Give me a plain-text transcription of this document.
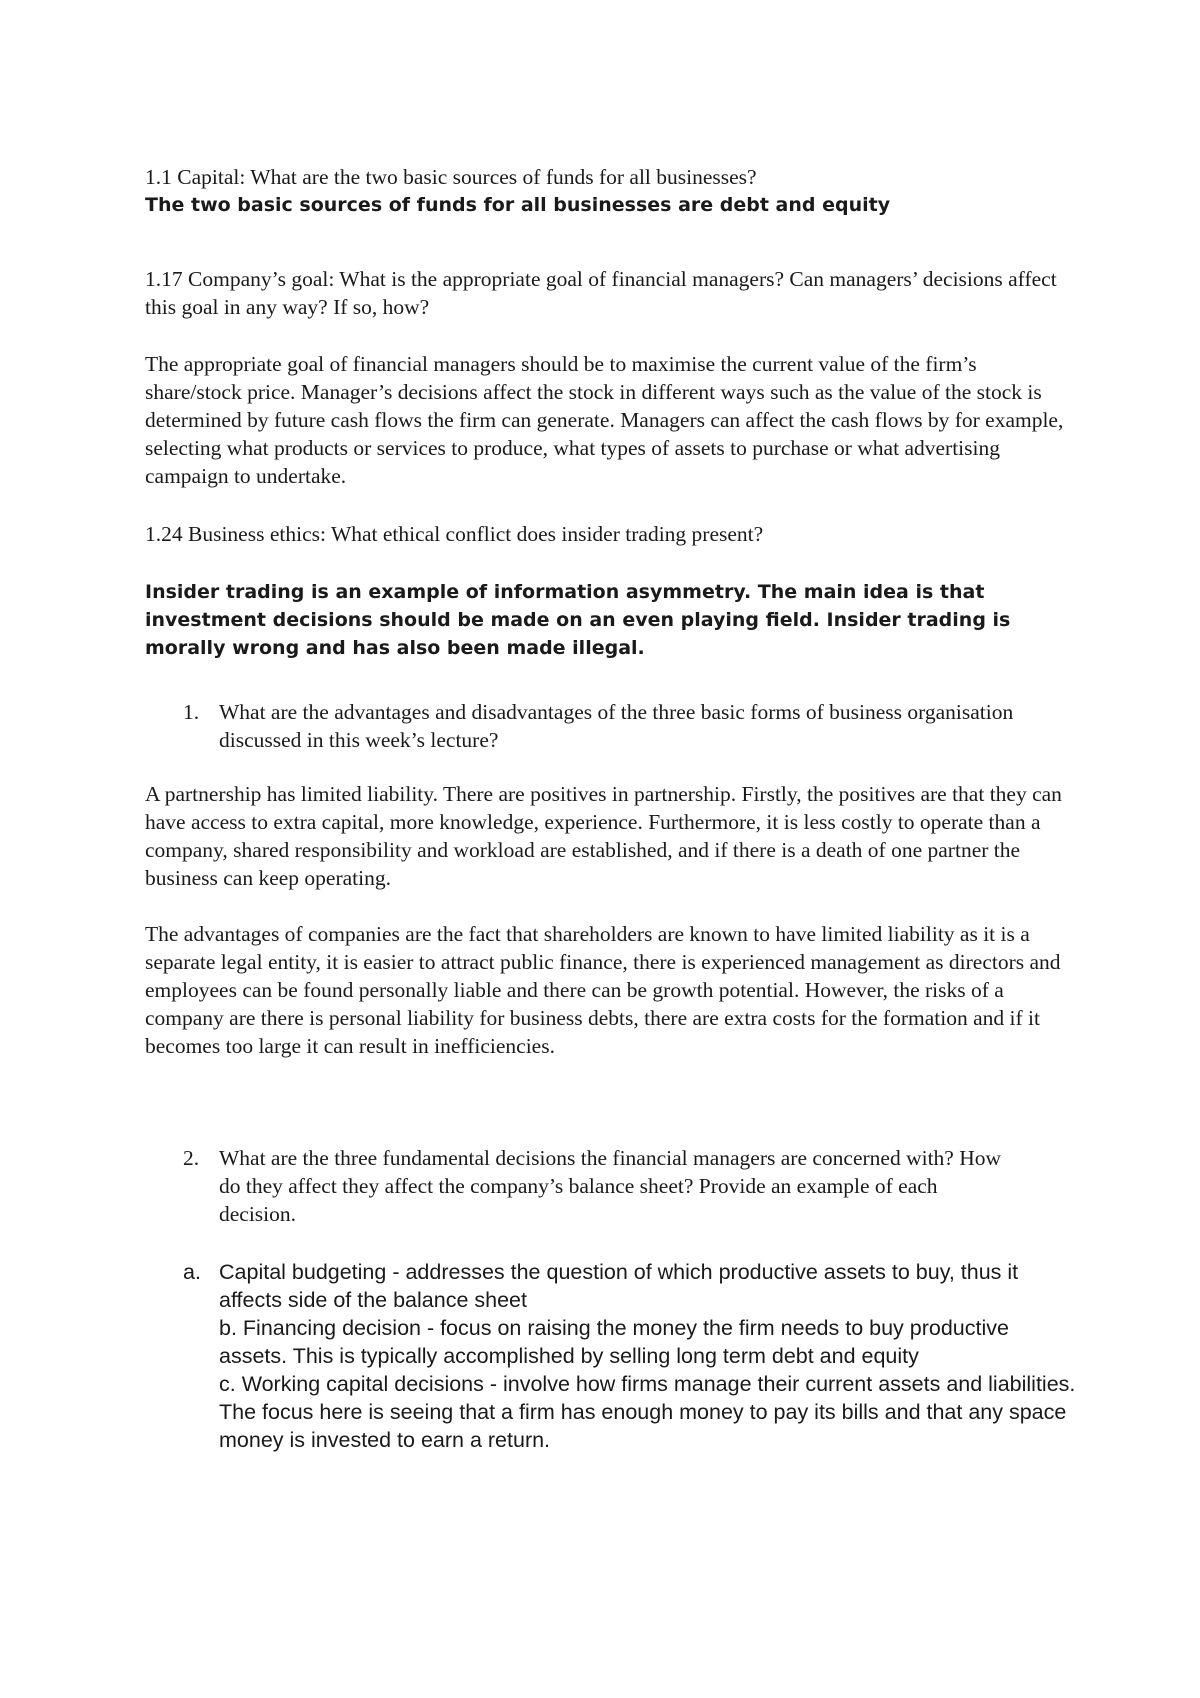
1.1 Capital: What are the two basic sources of funds for all businesses?

The two basic sources of funds for all businesses are debt and equity

1.17 Company’s goal: What is the appropriate goal of financial managers? Can managers’ decisions affect this goal in any way? If so, how?

The appropriate goal of financial managers should be to maximise the current value of the firm’s share/stock price. Manager’s decisions affect the stock in different ways such as the value of the stock is determined by future cash flows the firm can generate. Managers can affect the cash flows by for example, selecting what products or services to produce, what types of assets to purchase or what advertising campaign to undertake.

1.24 Business ethics: What ethical conflict does insider trading present?

Insider trading is an example of information asymmetry. The main idea is that investment decisions should be made on an even playing field. Insider trading is morally wrong and has also been made illegal.

1. What are the advantages and disadvantages of the three basic forms of business organisation discussed in this week’s lecture?

A partnership has limited liability. There are positives in partnership. Firstly, the positives are that they can have access to extra capital, more knowledge, experience. Furthermore, it is less costly to operate than a company, shared responsibility and workload are established, and if there is a death of one partner the business can keep operating.

The advantages of companies are the fact that shareholders are known to have limited liability as it is a separate legal entity, it is easier to attract public finance, there is experienced management as directors and employees can be found personally liable and there can be growth potential. However, the risks of a company are there is personal liability for business debts, there are extra costs for the formation and if it becomes too large it can result in inefficiencies.

2. What are the three fundamental decisions the financial managers are concerned with? How do they affect they affect the company’s balance sheet? Provide an example of each decision.
a. Capital budgeting - addresses the question of which productive assets to buy, thus it affects side of the balance sheet
b. Financing decision - focus on raising the money the firm needs to buy productive assets. This is typically accomplished by selling long term debt and equity
c. Working capital decisions - involve how firms manage their current assets and liabilities. The focus here is seeing that a firm has enough money to pay its bills and that any space money is invested to earn a return.
